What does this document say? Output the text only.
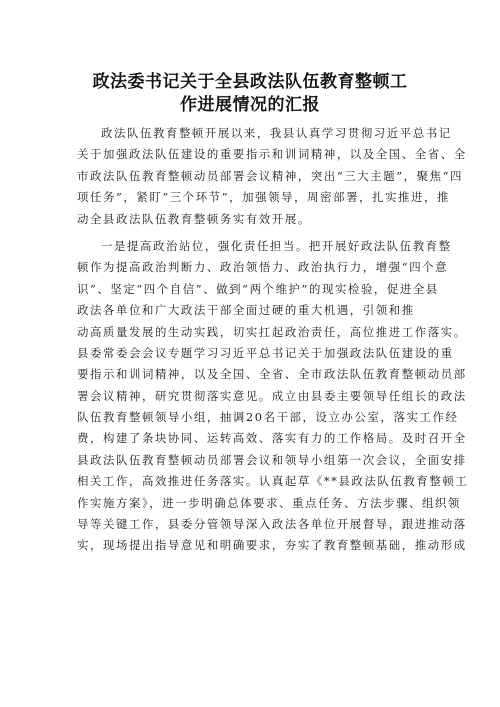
政法委书记关于全县政法队伍教育整顿工
作进展情况的汇报
政法队伍教育整顿开展以来，我县认真学习贯彻习近平总书记
关于加强政法队伍建设的重要指示和训词精神，以及全国、全省、全
市政法队伍教育整顿动员部署会议精神，突出“三大主题”，聚焦“四
项任务”，紧盯“三个环节”，加强领导，周密部署，扎实推进，推
动全县政法队伍教育整顿务实有效开展。
一是提高政治站位，强化责任担当。把开展好政法队伍教育整
顿作为提高政治判断力、政治领悟力、政治执行力，增强“四个意
识”、坚定“四个自信”、做到“两个维护”的现实检验，促进全县
政法各单位和广大政法干部全面过硬的重大机遇，引领和推
动高质量发展的生动实践，切实扛起政治责任，高位推进工作落实。
县委常委会会议专题学习习近平总书记关于加强政法队伍建设的重
要指示和训词精神，以及全国、全省、全市政法队伍教育整顿动员部
署会议精神，研究贯彻落实意见。成立由县委主要领导任组长的政法
队伍教育整顿领导小组，抽调20名干部，设立办公室，落实工作经
费，构建了条块协同、运转高效、落实有力的工作格局。及时召开全
县政法队伍教育整顿动员部署会议和领导小组第一次会议，全面安排
相关工作，高效推进任务落实。认真起草《**县政法队伍教育整顿工
作实施方案》，进一步明确总体要求、重点任务、方法步骤、组织领
导等关键工作，县委分管领导深入政法各单位开展督导，跟进推动落
实，现场提出指导意见和明确要求，夯实了教育整顿基础，推动形成
